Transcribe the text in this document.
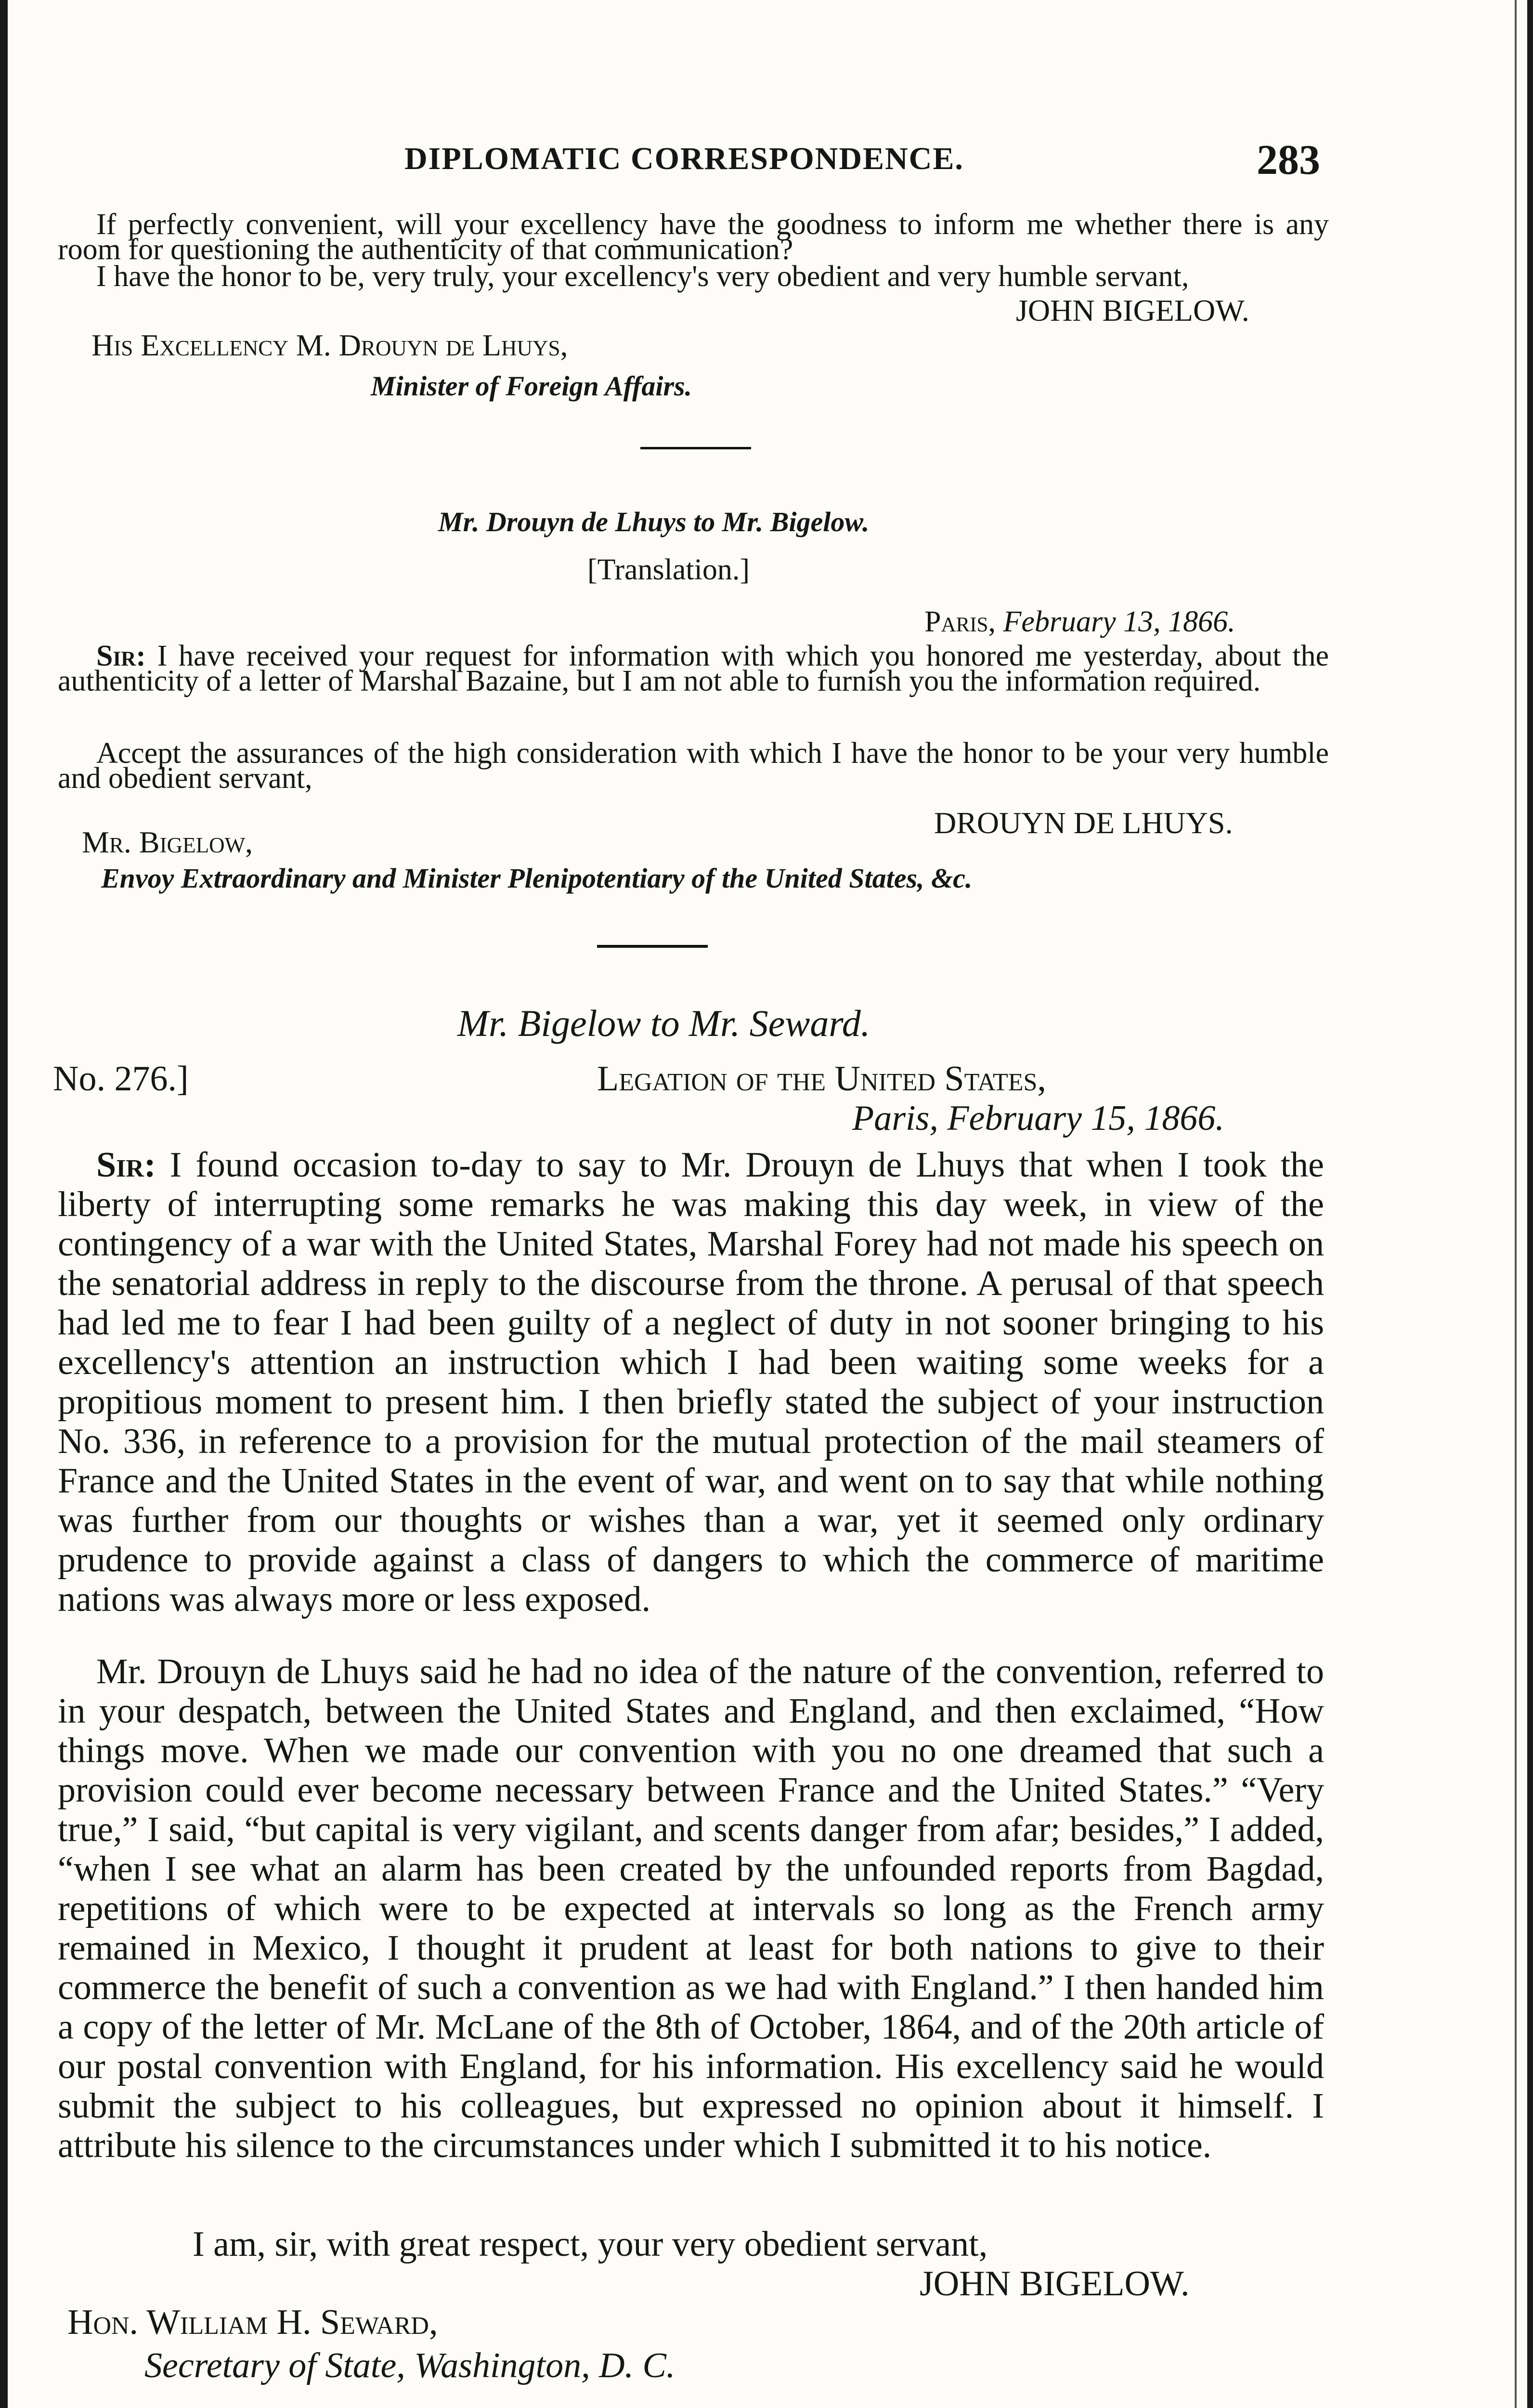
DIPLOMATIC CORRESPONDENCE.	283

If perfectly convenient, will your excellency have the goodness to inform me whether there is any room for questioning the authenticity of that communication?

I have the honor to be, very truly, your excellency's very obedient and very humble servant,

JOHN BIGELOW.
His Excellency M. Drouyn de Lhuys,
Minister of Foreign Affairs.
Mr. Drouyn de Lhuys to Mr. Bigelow.
[Translation.]
Paris, February 13, 1866.

Sir: I have received your request for information with which you honored me yesterday, about the authenticity of a letter of Marshal Bazaine, but I am not able to furnish you the information required.

Accept the assurances of the high consideration with which I have the honor to be your very humble and obedient servant,

DROUYN DE LHUYS.
Mr. Bigelow,
Envoy Extraordinary and Minister Plenipotentiary of the United States, &c.
Mr. Bigelow to Mr. Seward.
No. 276.]	Legation of the United States,
Paris, February 15, 1866.

Sir: I found occasion to-day to say to Mr. Drouyn de Lhuys that when I took the liberty of interrupting some remarks he was making this day week, in view of the contingency of a war with the United States, Marshal Forey had not made his speech on the senatorial address in reply to the discourse from the throne. A perusal of that speech had led me to fear I had been guilty of a neglect of duty in not sooner bringing to his excellency's attention an instruction which I had been waiting some weeks for a propitious moment to present him. I then briefly stated the subject of your instruction No. 336, in reference to a provision for the mutual protection of the mail steamers of France and the United States in the event of war, and went on to say that while nothing was further from our thoughts or wishes than a war, yet it seemed only ordinary prudence to provide against a class of dangers to which the commerce of maritime nations was always more or less exposed.

Mr. Drouyn de Lhuys said he had no idea of the nature of the convention, referred to in your despatch, between the United States and England, and then exclaimed, “How things move. When we made our convention with you no one dreamed that such a provision could ever become necessary between France and the United States.” “Very true,” I said, “but capital is very vigilant, and scents danger from afar; besides,” I added, “when I see what an alarm has been created by the unfounded reports from Bagdad, repetitions of which were to be expected at intervals so long as the French army remained in Mexico, I thought it prudent at least for both nations to give to their commerce the benefit of such a convention as we had with England.” I then handed him a copy of the letter of Mr. McLane of the 8th of October, 1864, and of the 20th article of our postal convention with England, for his information. His excellency said he would submit the subject to his colleagues, but expressed no opinion about it himself. I attribute his silence to the circumstances under which I submitted it to his notice.

I am, sir, with great respect, your very obedient servant,
JOHN BIGELOW.
Hon. William H. Seward,
Secretary of State, Washington, D. C.
